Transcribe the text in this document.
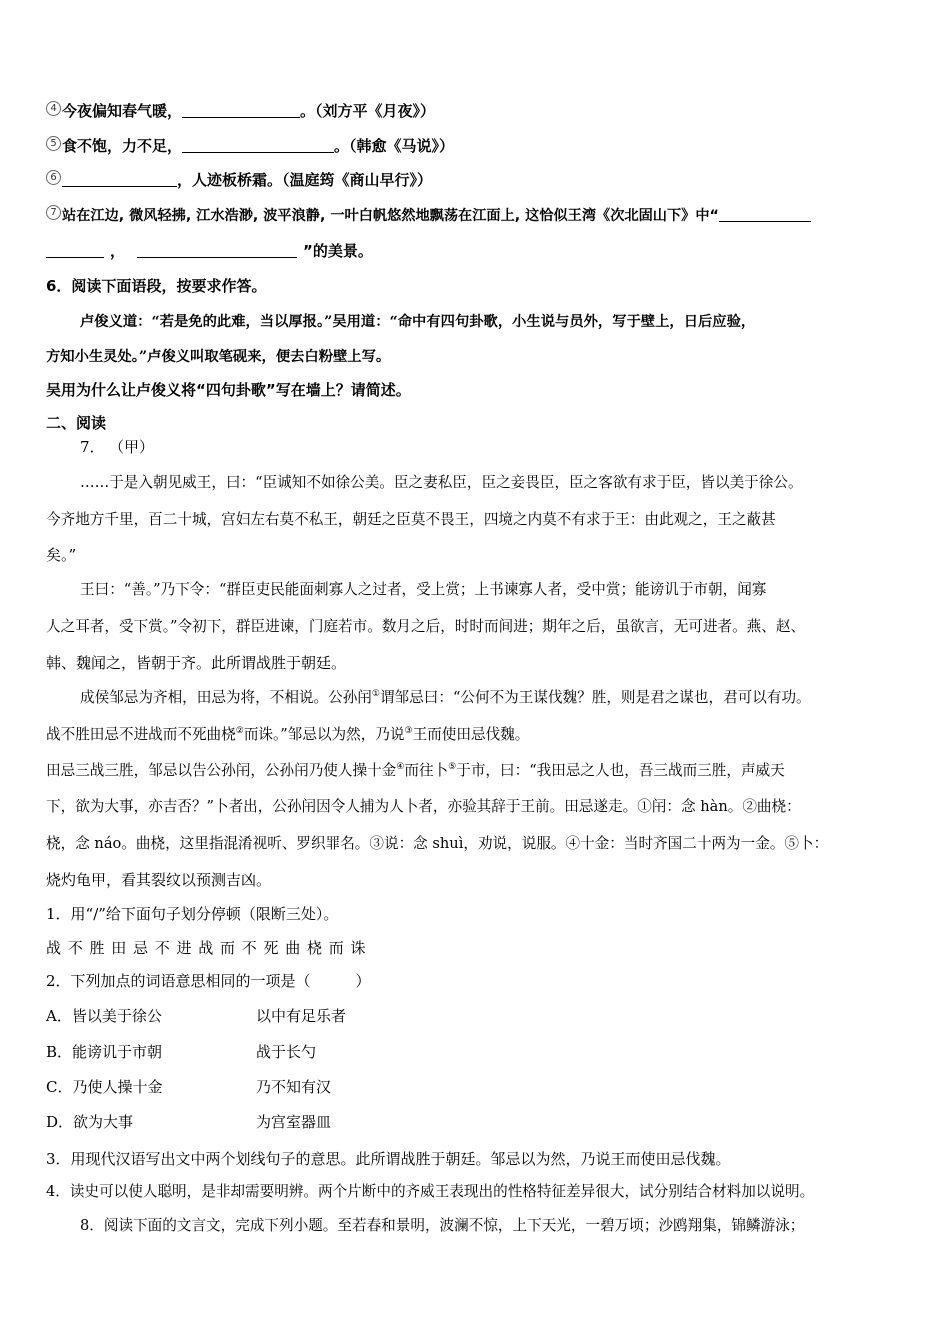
4 今夜偏知春气暖，	。（刘方平《月夜》）
5 食不饱，力不足，	。（韩愈《马说》）
6	，人迹板桥霜。（温庭筠《商山早行》）
7 站在江边, 微风轻拂, 江水浩渺, 波平浪静, 一叶白帆悠然地飘荡在江面上, 这恰似王湾《次北固山下》中“
，	”的美景。
6．阅读下面语段，按要求作答。
卢俊义道：“若是免的此难，当以厚报。”吴用道：“命中有四句卦歌，小生说与员外，写于壁上，日后应验，
方知小生灵处。”卢俊义叫取笔砚来，便去白粉壁上写。
吴用为什么让卢俊义将“四句卦歌”写在墙上？请简述。
二、阅读
7． （甲）
……于是入朝见威王，曰：“臣诚知不如徐公美。臣之妻私臣，臣之妾畏臣，臣之客欲有求于臣，皆以美于徐公。
今齐地方千里，百二十城，宫妇左右莫不私王，朝廷之臣莫不畏王，四境之内莫不有求于王：由此观之，王之蔽甚
矣。”
王曰：“善。”乃下令：“群臣吏民能面刺寡人之过者，受上赏；上书谏寡人者，受中赏；能谤讥于市朝，闻寡
人之耳者，受下赏。”令初下，群臣进谏，门庭若市。数月之后，时时而间进；期年之后，虽欲言，无可进者。燕、赵、
韩、魏闻之，皆朝于齐。此所谓战胜于朝廷。
成侯邹忌为齐相，田忌为将，不相说。公孙闬①谓邹忌曰：“公何不为王谋伐魏？胜，则是君之谋也，君可以有功。
战不胜田忌不进战而不死曲桡②而诛。”邹忌以为然，乃说③王而使田忌伐魏。
田忌三战三胜，邹忌以告公孙闬，公孙闬乃使人操十金④而往卜⑤于市，曰：“我田忌之人也，吾三战而三胜，声威天
下，欲为大事，亦吉否？”卜者出，公孙闬因令人捕为人卜者，亦验其辞于王前。田忌遂走。①闬：念 hàn。②曲桡：
桡，念 náo。曲桡，这里指混淆视听、罗织罪名。③说：念 shuì，劝说，说服。④十金：当时齐国二十两为一金。⑤卜：
烧灼龟甲，看其裂纹以预测吉凶。
1．用“/”给下面句子划分停顿（限断三处）。
战不胜田忌不进战而不死曲桡而诛
2．下列加点的词语意思相同的一项是（　　　）
A．皆以美于徐公	以中有足乐者
B．能谤讥于市朝	战于长勺
C．乃使人操十金	乃不知有汉
D．欲为大事	为宫室器皿
3．用现代汉语写出文中两个划线句子的意思。此所谓战胜于朝廷。邹忌以为然，乃说王而使田忌伐魏。
4．读史可以使人聪明，是非却需要明辨。两个片断中的齐威王表现出的性格特征差异很大，试分别结合材料加以说明。
8．阅读下面的文言文，完成下列小题。至若春和景明，波澜不惊，上下天光，一碧万顷；沙鸥翔集，锦鳞游泳；
